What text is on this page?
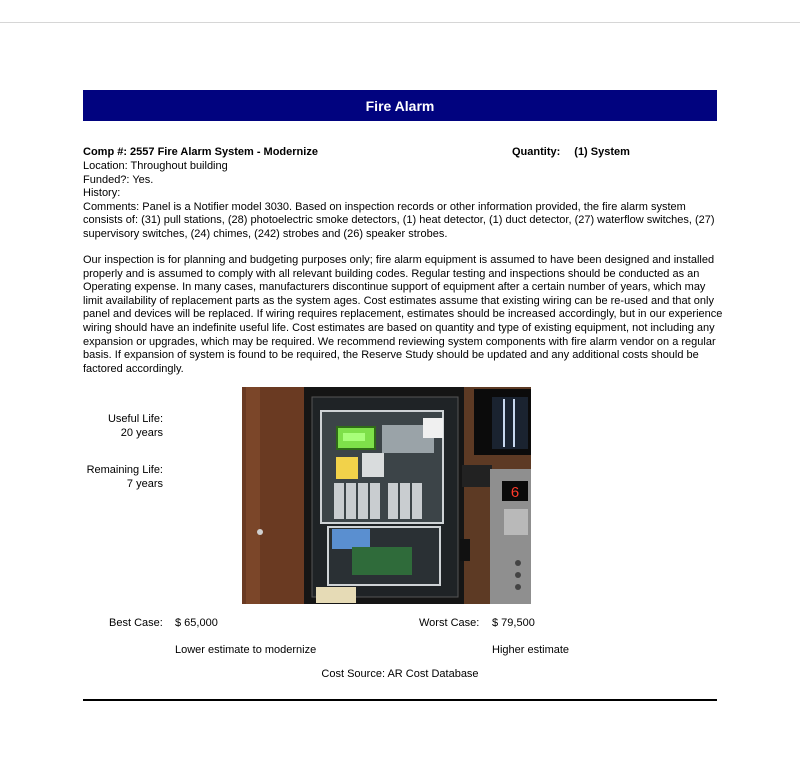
Fire Alarm
Comp #: 2557 Fire Alarm System - Modernize	Quantity: (1) System

Location: Throughout building

Funded?: Yes.

History:

Comments: Panel is a Notifier model 3030. Based on inspection records or other information provided, the fire alarm system consists of: (31) pull stations, (28) photoelectric smoke detectors, (1) heat detector, (1) duct detector, (27) waterflow switches, (27) supervisory switches, (24) chimes, (242) strobes and (26) speaker strobes.

Our inspection is for planning and budgeting purposes only; fire alarm equipment is assumed to have been designed and installed properly and is assumed to comply with all relevant building codes. Regular testing and inspections should be conducted as an Operating expense. In many cases, manufacturers discontinue support of equipment after a certain number of years, which may limit availability of replacement parts as the system ages. Cost estimates assume that existing wiring can be re-used and that only panel and devices will be replaced. If wiring requires replacement, estimates should be increased accordingly, but in our experience wiring should have an indefinite useful life. Cost estimates are based on quantity and type of existing equipment, not including any expansion or upgrades, which may be required. We recommend reviewing system components with fire alarm vendor on a regular basis. If expansion of system is found to be required, the Reserve Study should be updated and any additional costs should be factored accordingly.
Useful Life:
20 years
Remaining Life:
7 years
6
Best Case: $ 65,000
Lower estimate to modernize
Worst Case: $ 79,500
Higher estimate
Cost Source: AR Cost Database
